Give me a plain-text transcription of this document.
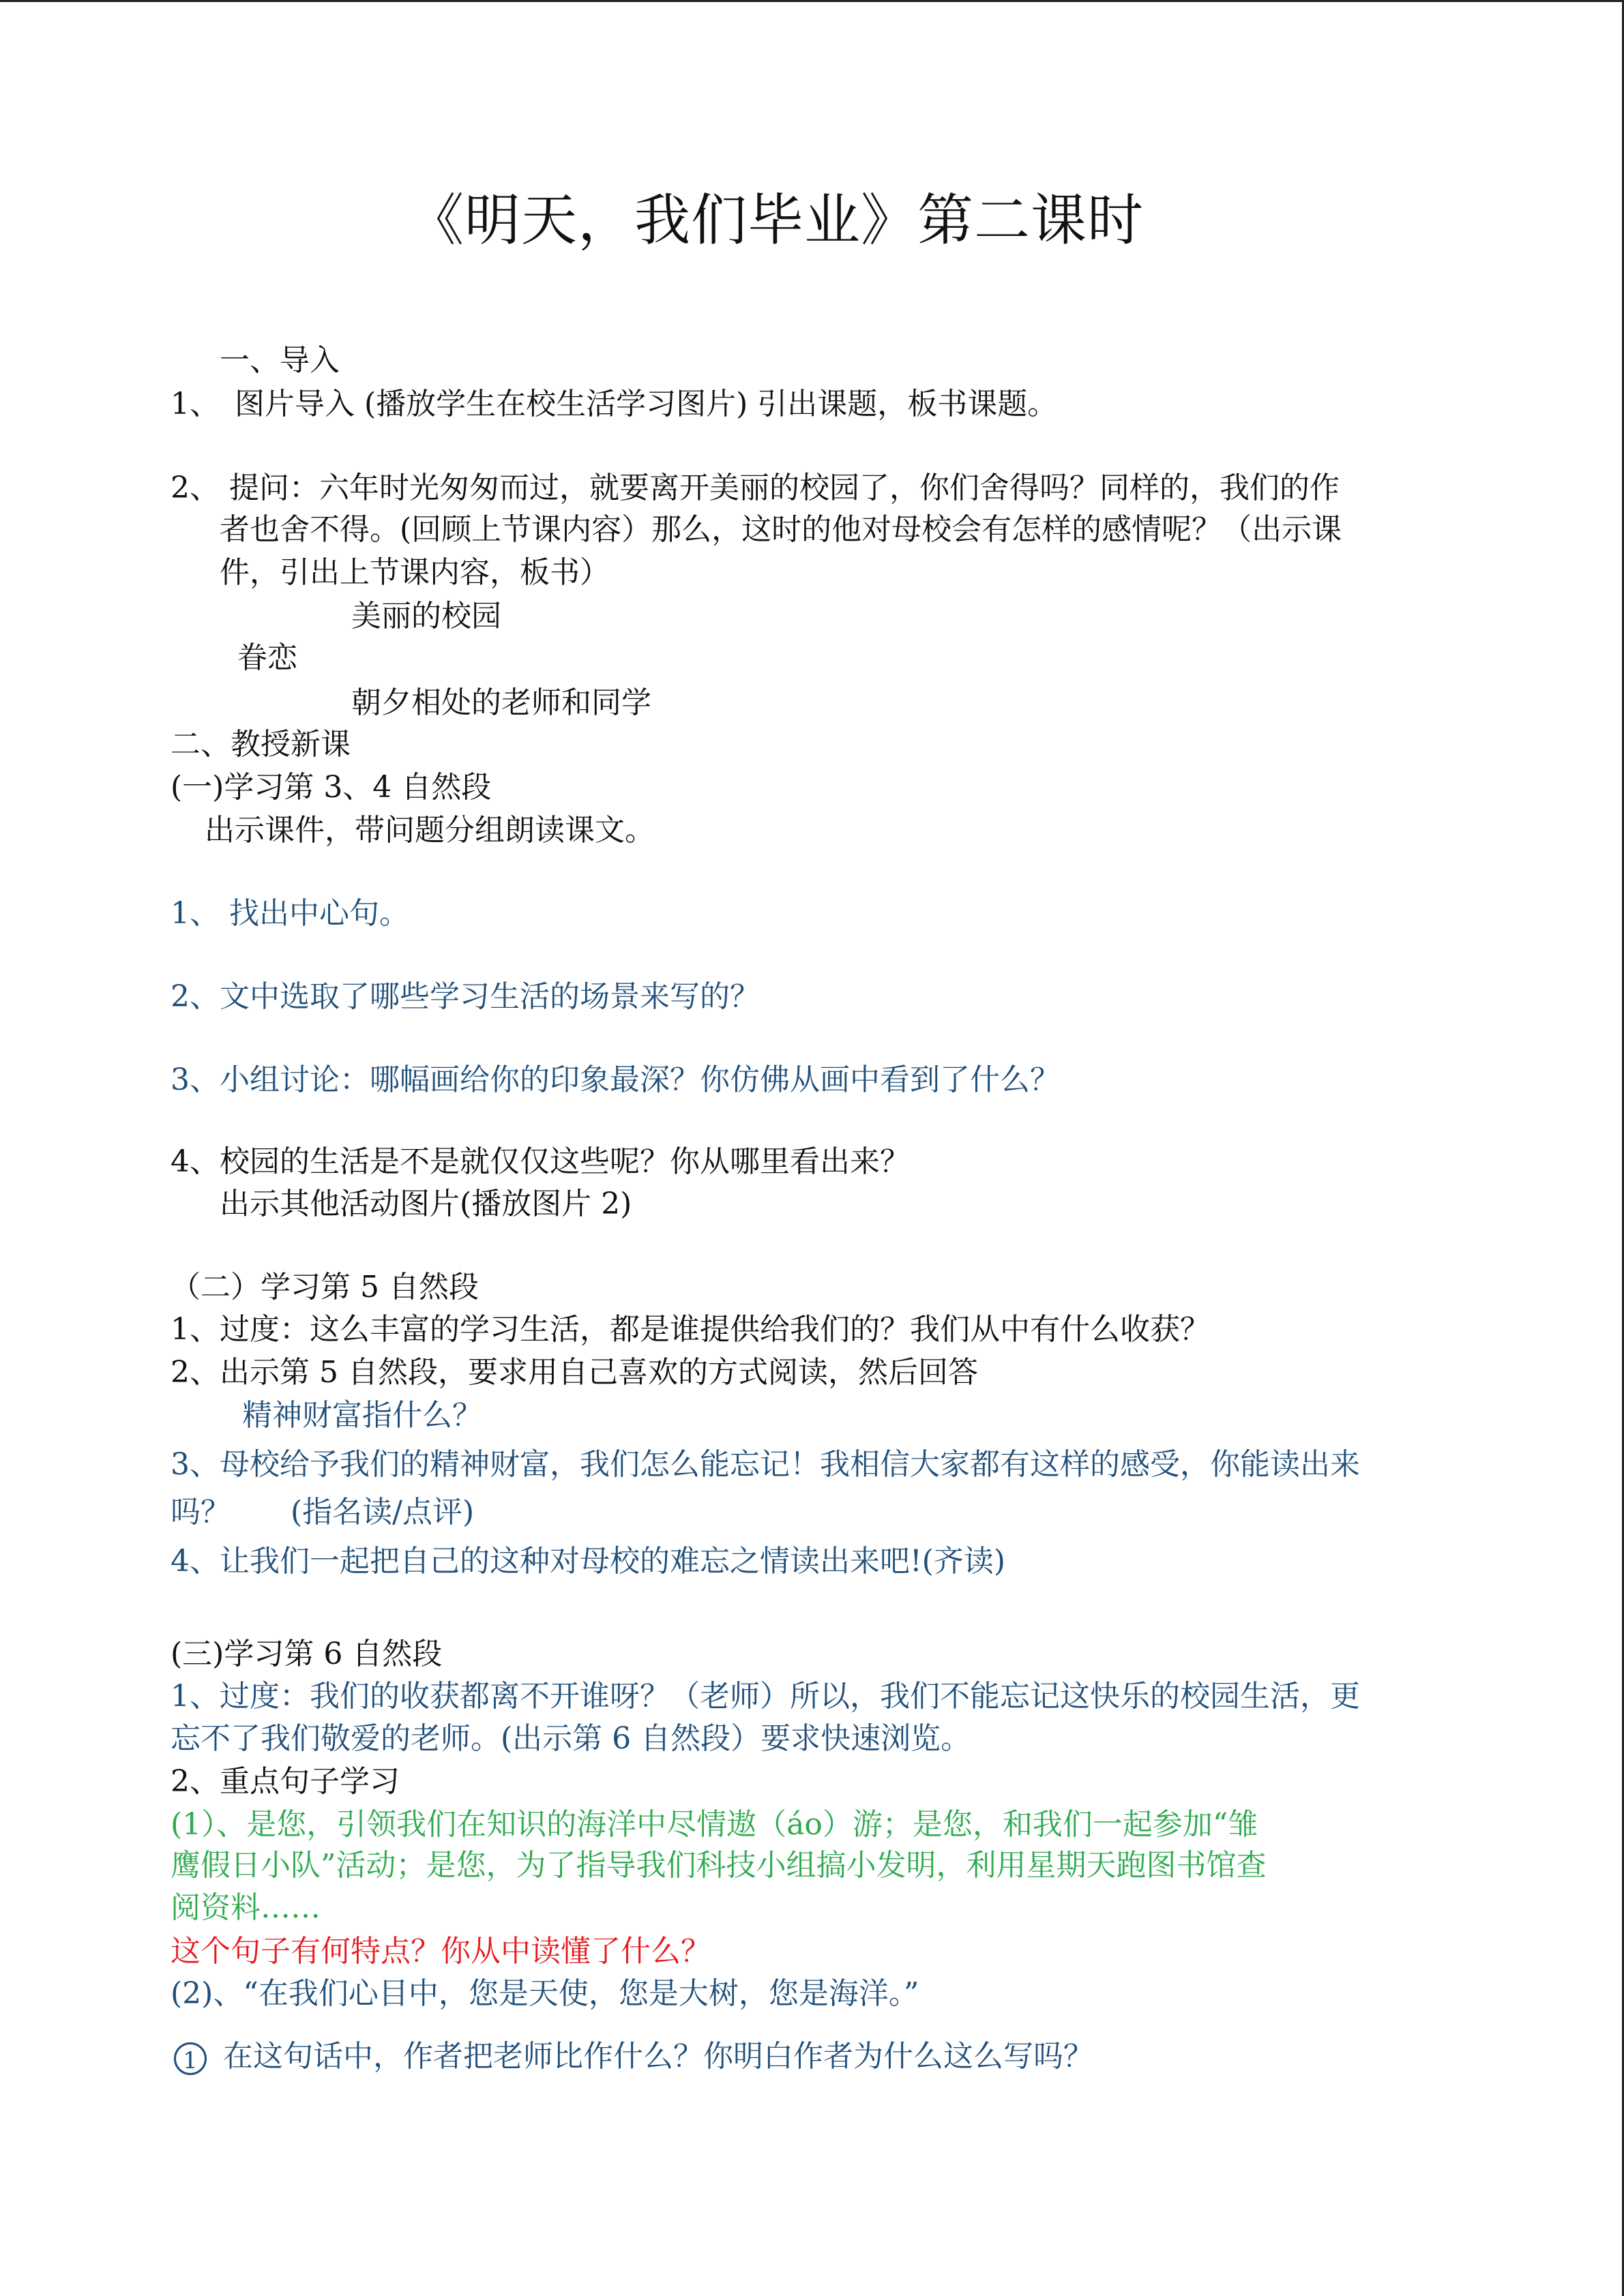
《明天，我们毕业》第二课时
一、导入
1、　图片导入 (播放学生在校生活学习图片) 引出课题，板书课题。
2、 提问：六年时光匆匆而过，就要离开美丽的校园了，你们舍得吗？同样的，我们的作
者也舍不得。(回顾上节课内容）那么，这时的他对母校会有怎样的感情呢？（出示课
件，引出上节课内容，板书）
美丽的校园
眷恋
朝夕相处的老师和同学
二、教授新课
(一)学习第 3、4 自然段
出示课件，带问题分组朗读课文。
1、 找出中心句。
2、文中选取了哪些学习生活的场景来写的？
3、小组讨论：哪幅画给你的印象最深？你仿佛从画中看到了什么？
4、校园的生活是不是就仅仅这些呢？你从哪里看出来？
出示其他活动图片(播放图片 2)
（二）学习第 5 自然段
1、过度：这么丰富的学习生活，都是谁提供给我们的？我们从中有什么收获？
2、出示第 5 自然段，要求用自己喜欢的方式阅读，然后回答
精神财富指什么？
3、母校给予我们的精神财富，我们怎么能忘记！我相信大家都有这样的感受，你能读出来
吗？　　(指名读/点评)
4、让我们一起把自己的这种对母校的难忘之情读出来吧!(齐读)
(三)学习第 6 自然段
1、过度：我们的收获都离不开谁呀？（老师）所以，我们不能忘记这快乐的校园生活，更
忘不了我们敬爱的老师。(出示第 6 自然段）要求快速浏览。
2、重点句子学习
(1）、是您，引领我们在知识的海洋中尽情遨（áo）游；是您，和我们一起参加“雏
鹰假日小队”活动；是您，为了指导我们科技小组搞小发明，利用星期天跑图书馆查
阅资料……
这个句子有何特点？你从中读懂了什么？
(2)、“在我们心目中，您是天使，您是大树，您是海洋。”
1 在这句话中，作者把老师比作什么？你明白作者为什么这么写吗？
